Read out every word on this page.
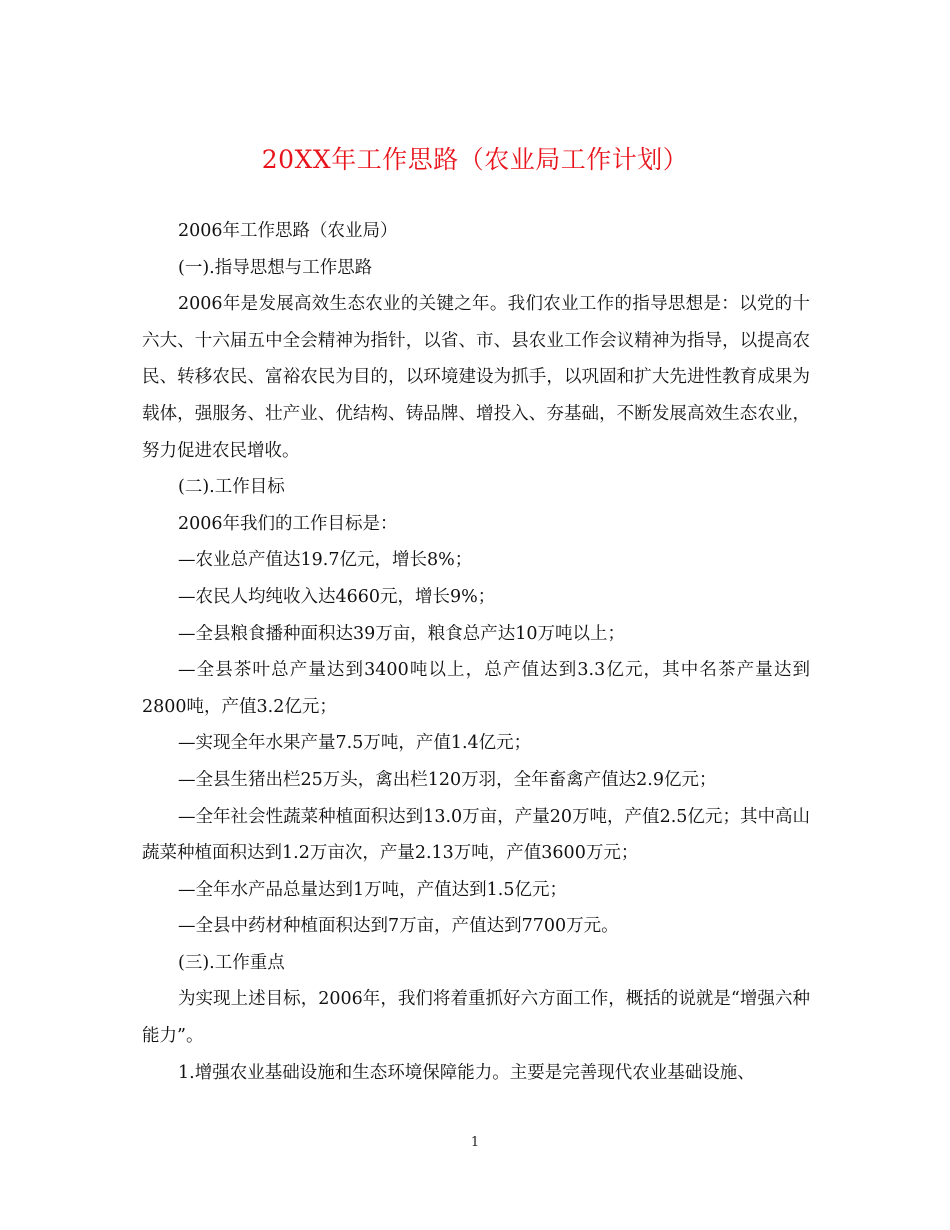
20XX年工作思路（农业局工作计划）

2006年工作思路（农业局）

(一).指导思想与工作思路

2006年是发展高效生态农业的关键之年。我们农业工作的指导思想是：以党的十六大、十六届五中全会精神为指针，以省、市、县农业工作会议精神为指导，以提高农民、转移农民、富裕农民为目的，以环境建设为抓手，以巩固和扩大先进性教育成果为载体，强服务、壮产业、优结构、铸品牌、增投入、夯基础，不断发展高效生态农业，努力促进农民增收。

(二).工作目标

2006年我们的工作目标是：

—农业总产值达19.7亿元，增长8%；

—农民人均纯收入达4660元，增长9%；

—全县粮食播种面积达39万亩，粮食总产达10万吨以上；

—全县茶叶总产量达到3400吨以上，总产值达到3.3亿元，其中名茶产量达到2800吨，产值3.2亿元；

—实现全年水果产量7.5万吨，产值1.4亿元；

—全县生猪出栏25万头，禽出栏120万羽，全年畜禽产值达2.9亿元；

—全年社会性蔬菜种植面积达到13.0万亩，产量20万吨，产值2.5亿元；其中高山蔬菜种植面积达到1.2万亩次，产量2.13万吨，产值3600万元；

—全年水产品总量达到1万吨，产值达到1.5亿元；

—全县中药材种植面积达到7万亩，产值达到7700万元。

(三).工作重点

为实现上述目标，2006年，我们将着重抓好六方面工作，概括的说就是“增强六种能力”。

1.增强农业基础设施和生态环境保障能力。主要是完善现代农业基础设施、

1
